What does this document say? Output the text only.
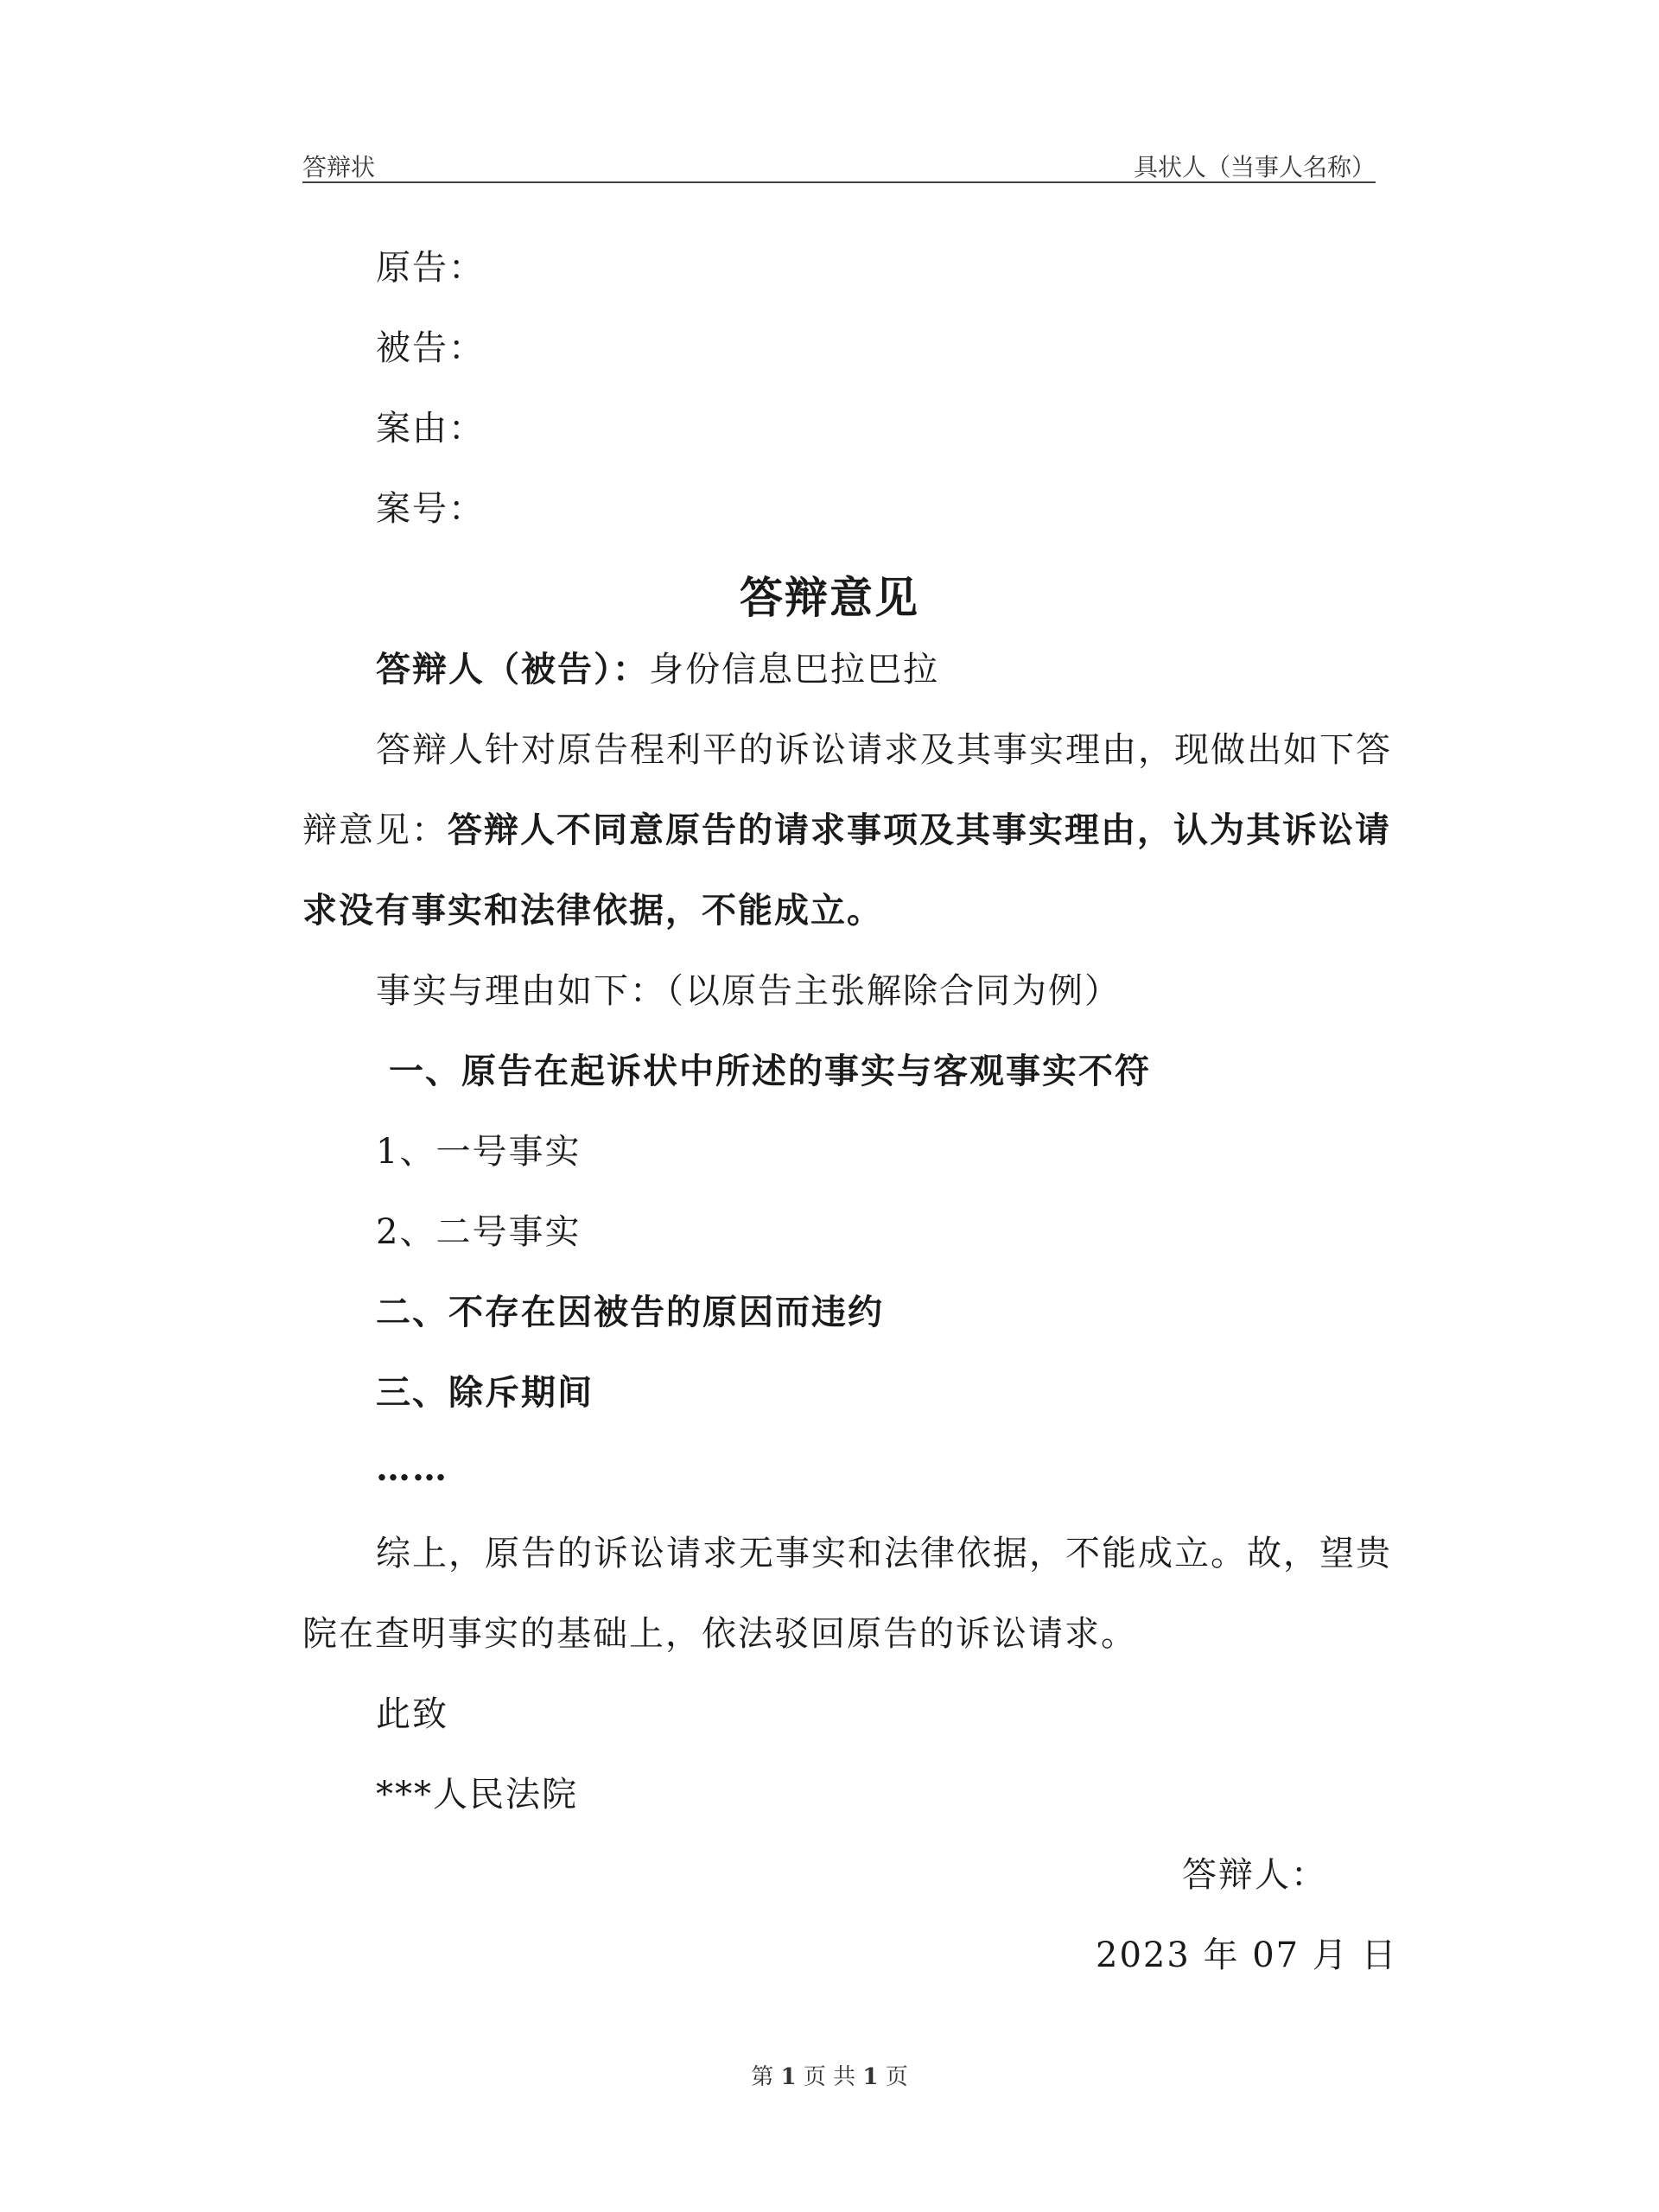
答辩状	具状人（当事人名称）
原告：
被告：
案由：
案号：
答辩意见
答辩人（被告）：身份信息巴拉巴拉
答辩人针对原告程利平的诉讼请求及其事实理由，现做出如下答
辩意见：答辩人不同意原告的请求事项及其事实理由，认为其诉讼请
求没有事实和法律依据，不能成立。
事实与理由如下：（以原告主张解除合同为例）
一、原告在起诉状中所述的事实与客观事实不符
1、一号事实
2、二号事实
二、不存在因被告的原因而违约
三、除斥期间
……
综上，原告的诉讼请求无事实和法律依据，不能成立。故，望贵
院在查明事实的基础上，依法驳回原告的诉讼请求。
此致
***人民法院
答辩人：
2023 年 07 月 日
第 1 页 共 1 页
